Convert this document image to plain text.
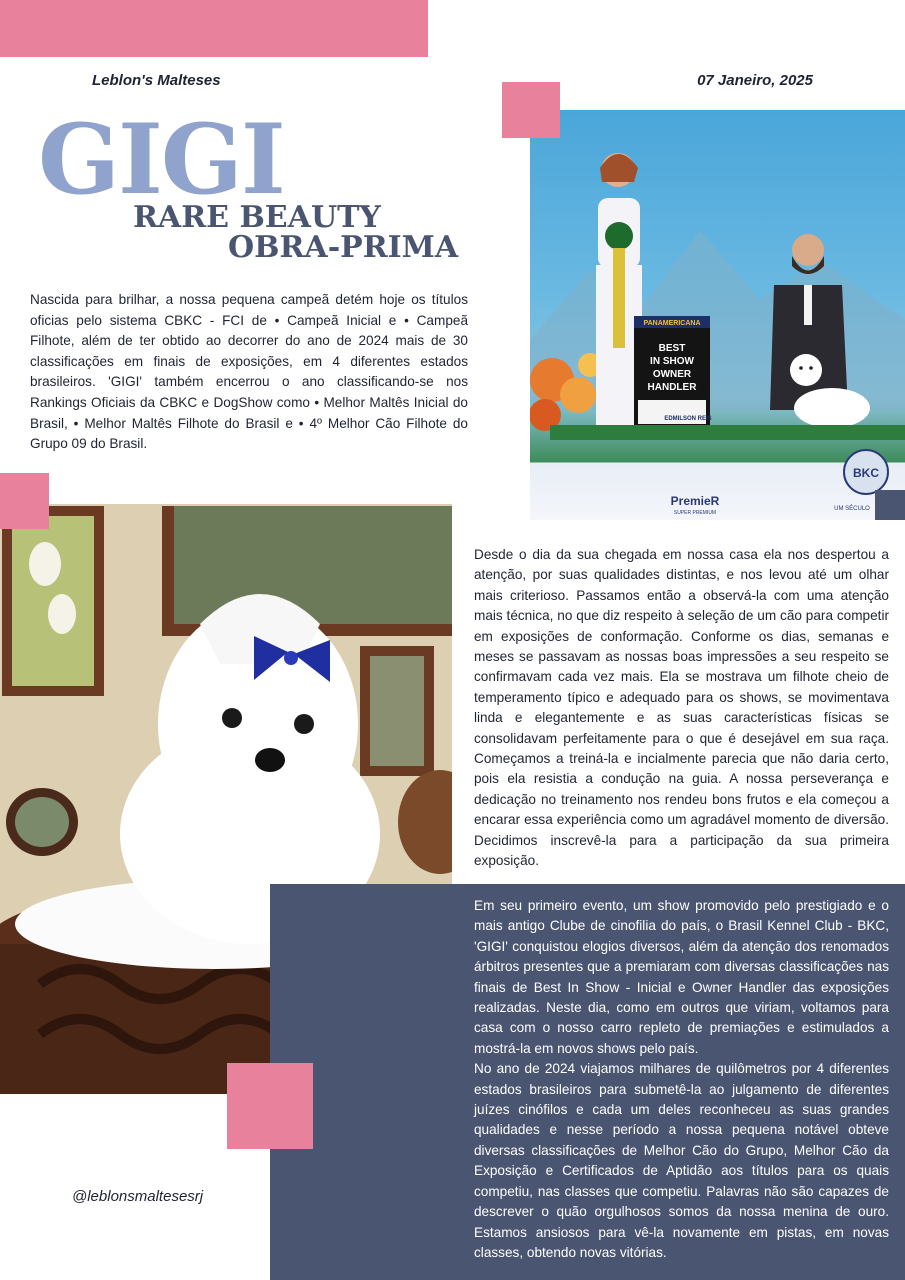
Leblon's Malteses	07 Janeiro, 2025
GIGI
RARE BEAUTY
OBRA-PRIMA

Nascida para brilhar, a nossa pequena campeã detém hoje os títulos oficias pelo sistema CBKC - FCI de • Campeã Inicial e • Campeã Filhote, além de ter obtido ao decorrer do ano de 2024 mais de 30 classificações em finais de exposições, em 4 diferentes estados brasileiros. 'GIGI' também encerrou o ano classificando-se nos Rankings Oficiais da CBKC e DogShow como • Melhor Maltês Inicial do Brasil, • Melhor Maltês Filhote do Brasil e • 4º Melhor Cão Filhote do Grupo 09 do Brasil.

PANAMERICANA
BEST
IN SHOW
OWNER
HANDLER
EDMILSON REIS
PremieR
SUPER PREMIUM
BKC
UM SÉCULO

Desde o dia da sua chegada em nossa casa ela nos despertou a atenção, por suas qualidades distintas, e nos levou até um olhar mais criterioso. Passamos então a observá-la com uma atenção mais técnica, no que diz respeito à seleção de um cão para competir em exposições de conformação. Conforme os dias, semanas e meses se passavam as nossas boas impressões a seu respeito se confirmavam cada vez mais. Ela se mostrava um filhote cheio de temperamento típico e adequado para os shows, se movimentava linda e elegantemente e as suas características físicas se consolidavam perfeitamente para o que é desejável em sua raça. Começamos a treiná-la e incialmente parecia que não daria certo, pois ela resistia a condução na guia. A nossa perseverança e dedicação no treinamento nos rendeu bons frutos e ela começou a encarar essa experiência como um agradável momento de diversão. Decidimos inscrevê-la para a participação da sua primeira exposição.

Em seu primeiro evento, um show promovido pelo prestigiado e o mais antigo Clube de cinofilia do país, o Brasil Kennel Club - BKC, 'GIGI' conquistou elogios diversos, além da atenção dos renomados árbitros presentes que a premiaram com diversas classificações nas finais de Best In Show - Inicial e Owner Handler das exposições realizadas. Neste dia, como em outros que viriam, voltamos para casa com o nosso carro repleto de premiações e estimulados a mostrá-la em novos shows pelo país.

No ano de 2024 viajamos milhares de quilômetros por 4 diferentes estados brasileiros para submetê-la ao julgamento de diferentes juízes cinófilos e cada um deles reconheceu as suas grandes qualidades e nesse período a nossa pequena notável obteve diversas classificações de Melhor Cão do Grupo, Melhor Cão da Exposição e Certificados de Aptidão aos títulos para os quais competiu, nas classes que competiu. Palavras não são capazes de descrever o quão orgulhosos somos da nossa menina de ouro. Estamos ansiosos para vê-la novamente em pistas, em novas classes, obtendo novas vitórias.

@leblonsmaltesesrj
